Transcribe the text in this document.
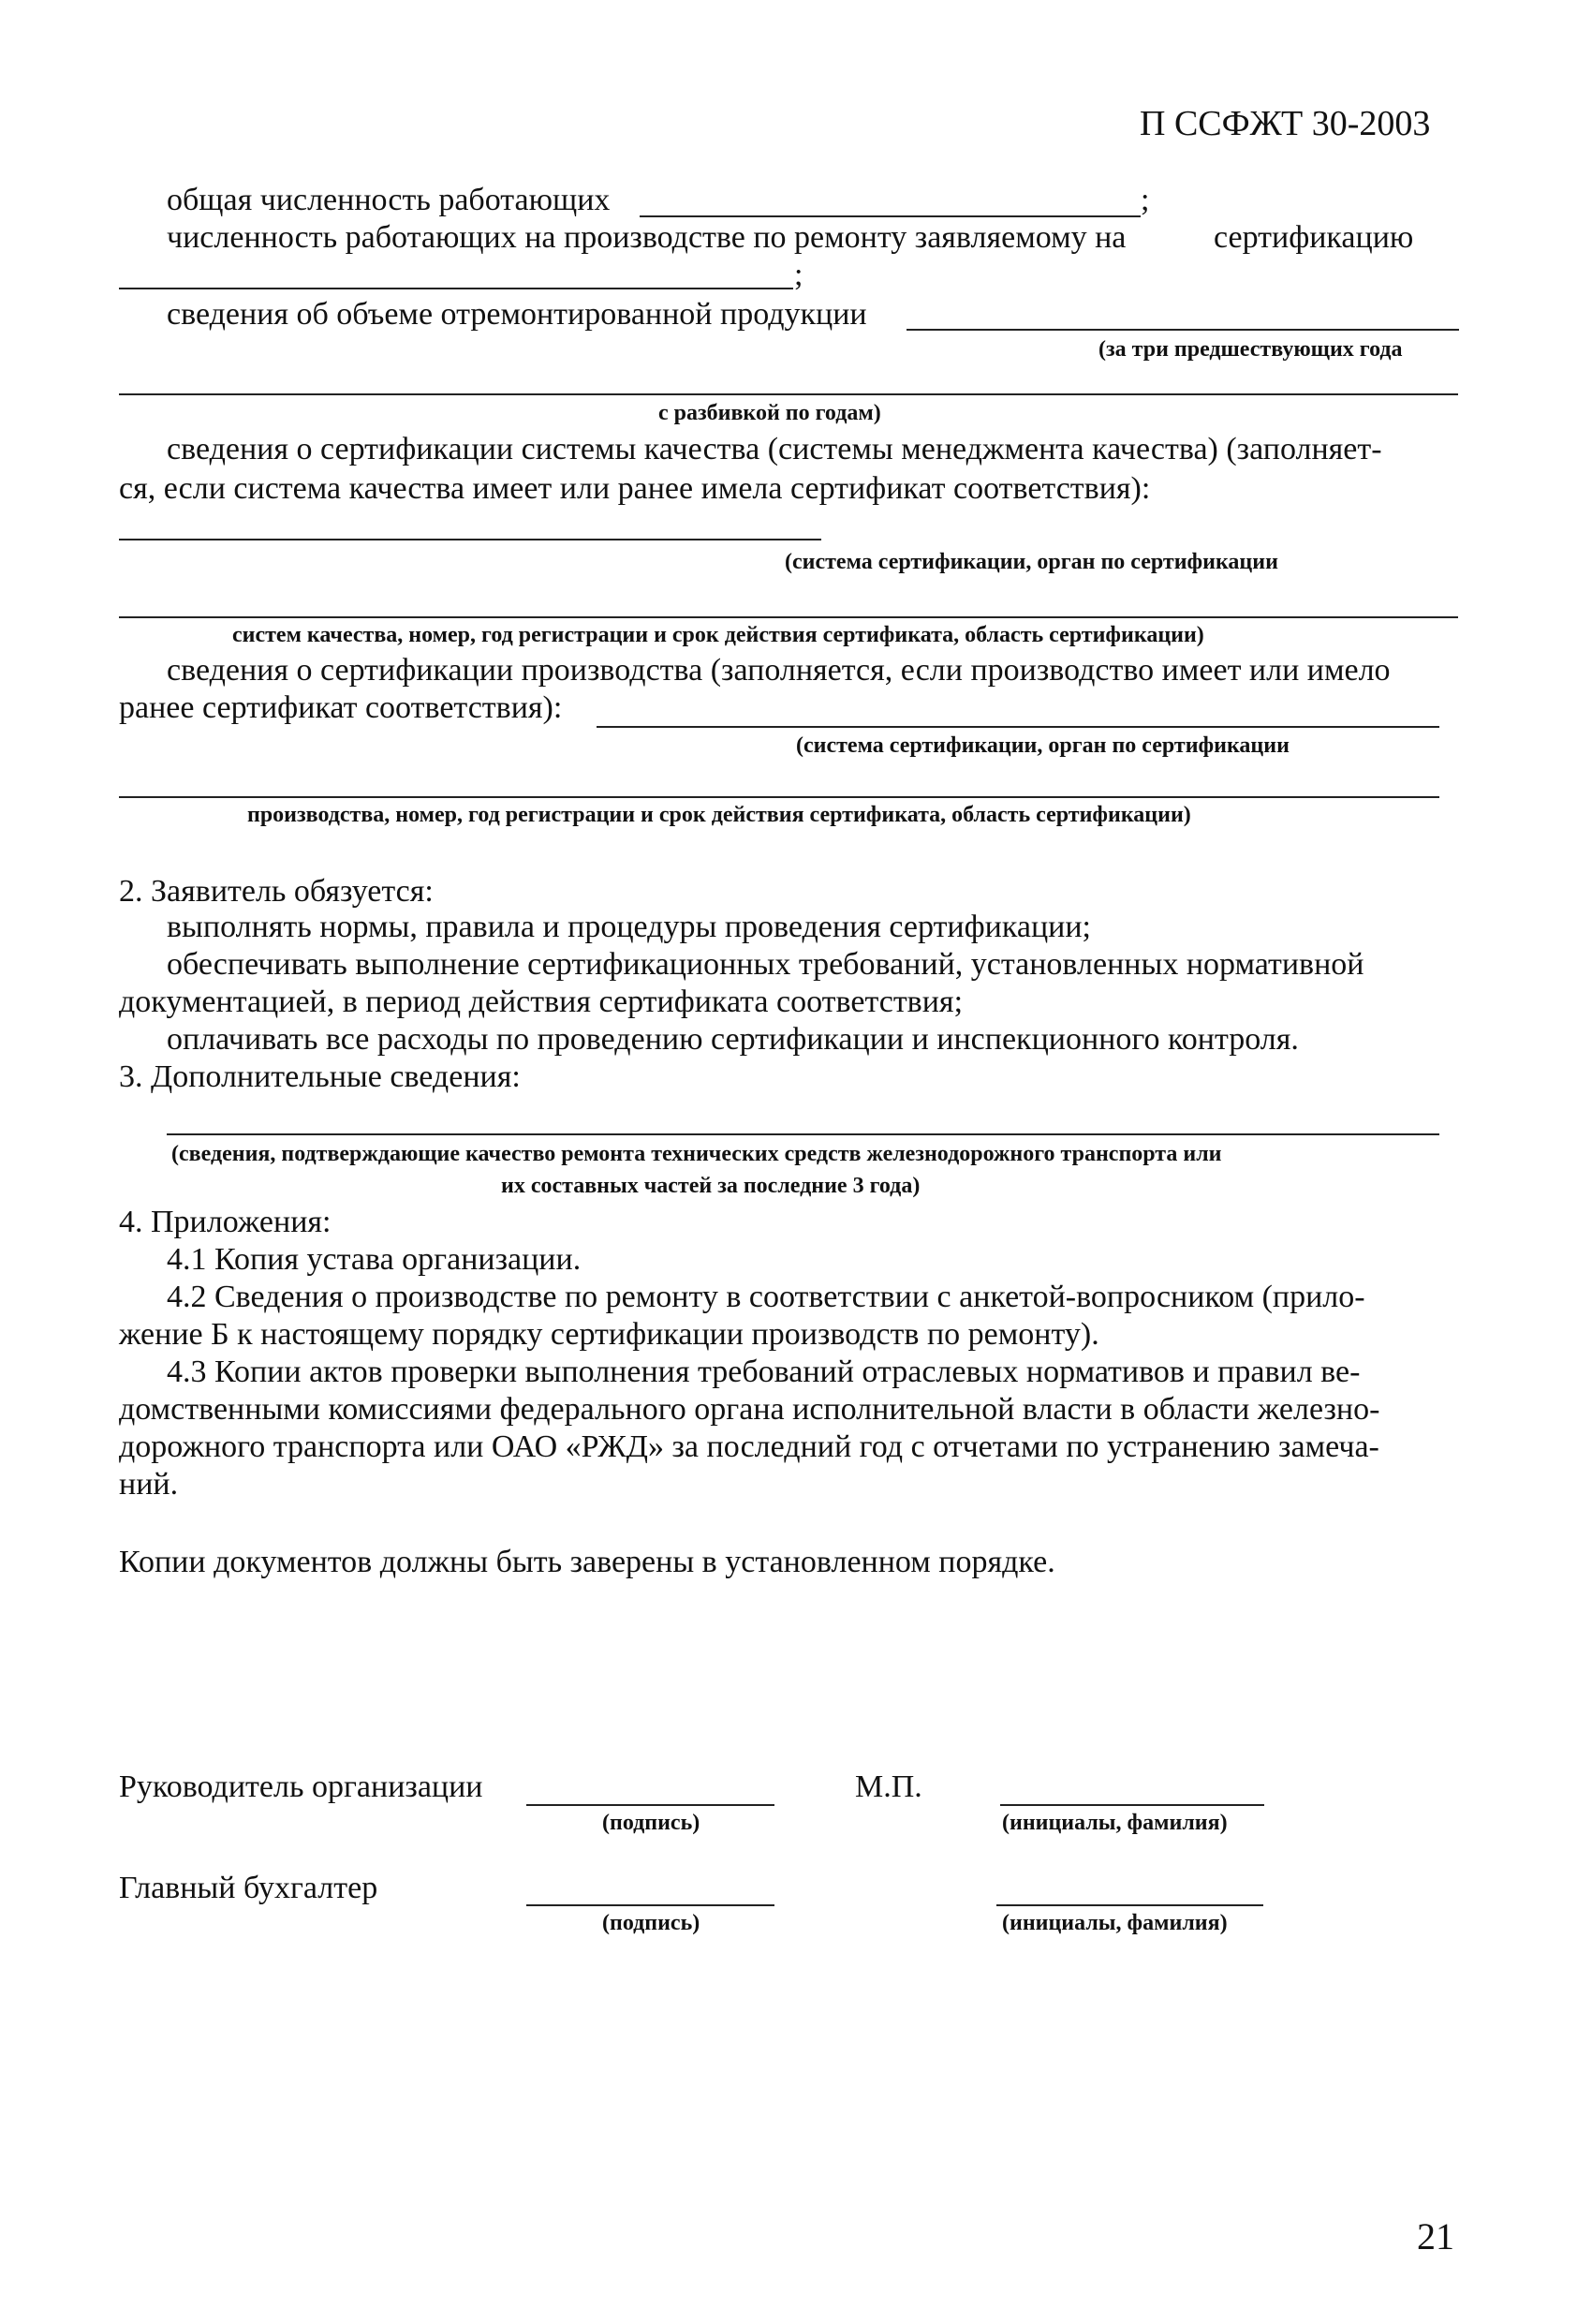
П ССФЖТ 30-2003
общая численность работающих	;
численность работающих на производстве по ремонту заявляемому на	сертификацию
;
сведения об объеме отремонтированной продукции
(за три предшествующих года
с разбивкой по годам)
сведения о сертификации системы качества (системы менеджмента качества) (заполняет-
ся, если система качества имеет или ранее имела сертификат соответствия):
(система сертификации, орган по сертификации
систем качества, номер, год регистрации и срок действия сертификата, область сертификации)
сведения о сертификации производства (заполняется, если производство имеет или имело
ранее сертификат соответствия):
(система сертификации, орган по сертификации
производства, номер, год регистрации и срок действия сертификата, область сертификации)
2. Заявитель обязуется:
выполнять нормы, правила и процедуры проведения сертификации;
обеспечивать выполнение сертификационных требований, установленных нормативной
документацией, в период действия сертификата соответствия;
оплачивать все расходы по проведению сертификации и инспекционного контроля.
3. Дополнительные сведения:
(сведения, подтверждающие качество ремонта технических средств железнодорожного транспорта или
их составных частей за последние 3 года)
4. Приложения:
4.1 Копия устава организации.
4.2 Сведения о производстве по ремонту в соответствии с анкетой-вопросником (прило-
жение Б к настоящему порядку сертификации производств по ремонту).
4.3 Копии актов проверки выполнения требований отраслевых нормативов и правил ве-
домственными комиссиями федерального органа исполнительной власти в области железно-
дорожного транспорта или ОАО «РЖД» за последний год с отчетами по устранению замеча-
ний.
Копии документов должны быть заверены в установленном порядке.
Руководитель организации
(подпись)
М.П.
(инициалы, фамилия)
Главный бухгалтер
(подпись)	(инициалы, фамилия)
21
